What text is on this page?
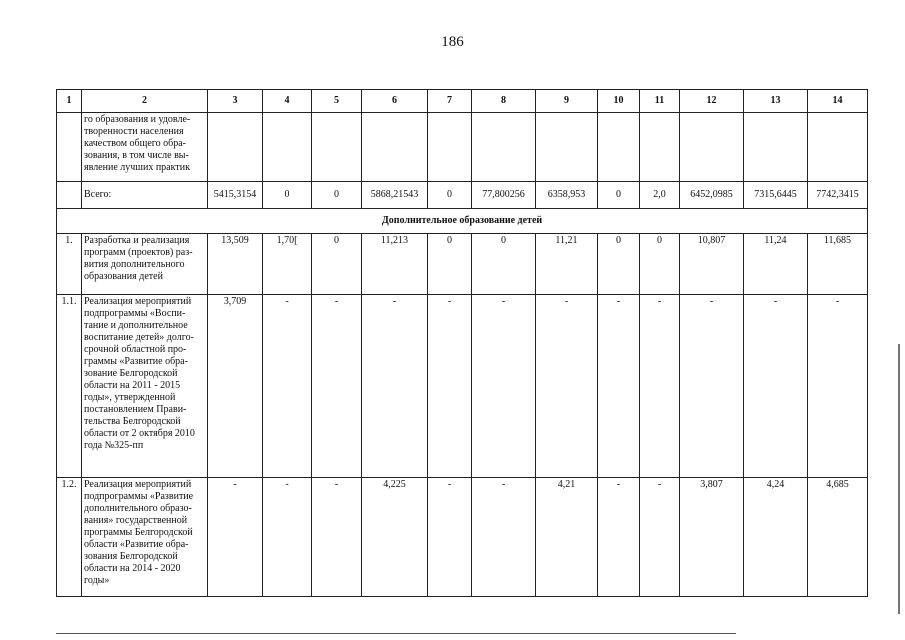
186
1	2	3	4	5	6	7	8	9	10	11	12	13	14
	го образования и удовле-творенности населения качеством общего обра-зования, в том числе вы-явление лучших практик												
	Всего:	5415,3154	0	0	5868,21543	0	77,800256	6358,953	0	2,0	6452,0985	7315,6445	7742,3415
Дополнительное образование детей													
1.	Разработка и реализация программ (проектов) раз-вития дополнительного образования детей	13,509	1,70[	0	11,213	0	0	11,21	0	0	10,807	11,24	11,685
1.1.	Реализация мероприятий подпрограммы «Воспи-тание и дополнительное воспитание детей» долго-срочной областной про-граммы «Развитие обра-зование Белгородской области на 2011 - 2015 годы», утвержденной постановлением Прави-тельства Белгородской области от 2 октября 2010 года №325-пп	3,709	-	-	-	-	-	-	-	-	-	-	-
1.2.	Реализация мероприятий подпрограммы «Развитие дополнительного образо-вания» государственной программы Белгородской области «Развитие обра-зования Белгородской области на 2014 - 2020 годы»	-	-	-	4,225	-	-	4,21	-	-	3,807	4,24	4,685
